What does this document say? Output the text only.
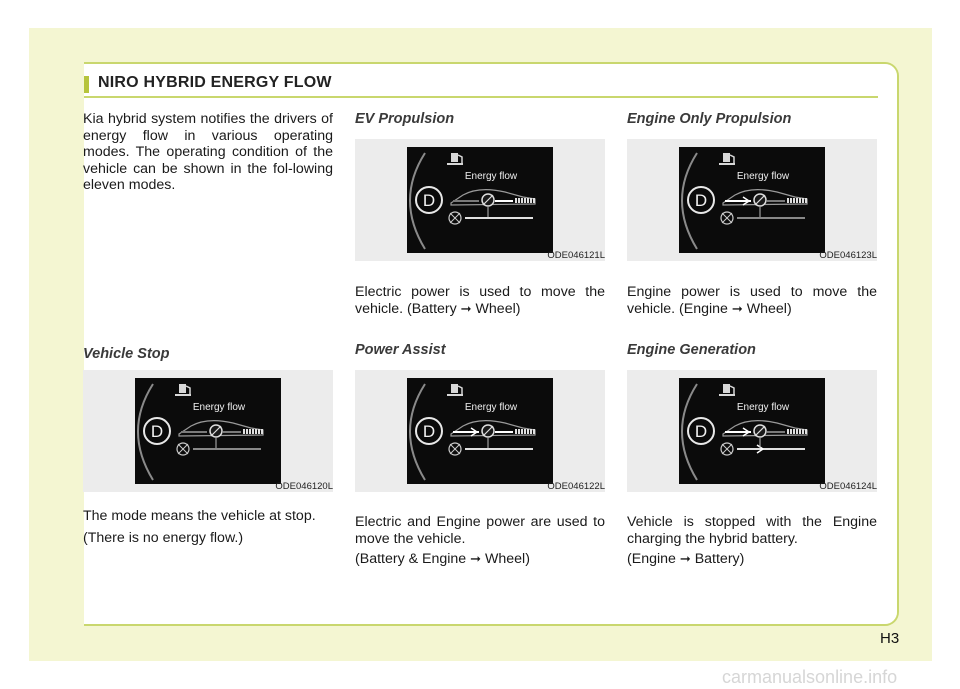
NIRO HYBRID ENERGY FLOW

Kia hybrid system notifies the drivers of energy flow in various operating modes. The operating condition of the vehicle can be shown in the fol-lowing eleven modes.

Vehicle Stop

D
Energy flow
ODE046120L

The mode means the vehicle at stop.

(There is no energy flow.)

EV Propulsion

D
Energy flow
ODE046121L

Electric power is used to move the vehicle. (Battery ➞ Wheel)

Power Assist

D
Energy flow
ODE046122L

Electric and Engine power are used to move the vehicle.

(Battery & Engine ➞ Wheel)

Engine Only Propulsion

D
Energy flow
ODE046123L

Engine power is used to move the vehicle. (Engine ➞ Wheel)

Engine Generation

D
Energy flow
ODE046124L

Vehicle is stopped with the Engine charging the hybrid battery.

(Engine ➞ Battery)

H3
carmanualsonline.info
